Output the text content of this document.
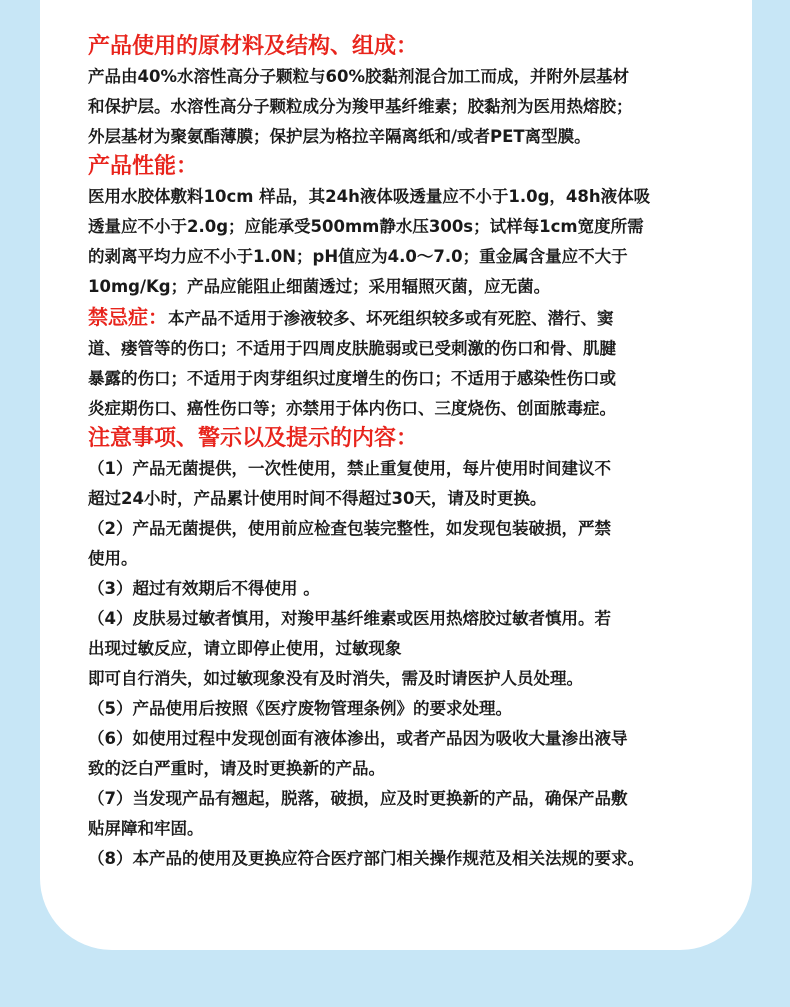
产品使用的原材料及结构、组成：

产品由40%水溶性高分子颗粒与60%胶黏剂混合加工而成，并附外层基材

和保护层。水溶性高分子颗粒成分为羧甲基纤维素；胶黏剂为医用热熔胶；

外层基材为聚氨酯薄膜；保护层为格拉辛隔离纸和/或者PET离型膜。

产品性能：

医用水胶体敷料10cm 样品，其24h液体吸透量应不小于1.0g，48h液体吸

透量应不小于2.0g；应能承受500mm静水压300s；试样每1cm宽度所需

的剥离平均力应不小于1.0N；pH值应为4.0～7.0；重金属含量应不大于

10mg/Kg；产品应能阻止细菌透过；采用辐照灭菌，应无菌。

禁忌症：本产品不适用于渗液较多、坏死组织较多或有死腔、潜行、窦

道、瘘管等的伤口；不适用于四周皮肤脆弱或已受刺激的伤口和骨、肌腱

暴露的伤口；不适用于肉芽组织过度增生的伤口；不适用于感染性伤口或

炎症期伤口、癌性伤口等；亦禁用于体内伤口、三度烧伤、创面脓毒症。

注意事项、警示以及提示的内容：

（1）产品无菌提供，一次性使用，禁止重复使用，每片使用时间建议不
超过24小时，产品累计使用时间不得超过30天，请及时更换。

（2）产品无菌提供，使用前应检查包装完整性，如发现包装破损，严禁
使用。

（3）超过有效期后不得使用 。

（4）皮肤易过敏者慎用，对羧甲基纤维素或医用热熔胶过敏者慎用。若
出现过敏反应，请立即停止使用，过敏现象
即可自行消失，如过敏现象没有及时消失，需及时请医护人员处理。

（5）产品使用后按照《医疗废物管理条例》的要求处理。

（6）如使用过程中发现创面有液体渗出，或者产品因为吸收大量渗出液导
致的泛白严重时，请及时更换新的产品。

（7）当发现产品有翘起，脱落，破损，应及时更换新的产品，确保产品敷
贴屏障和牢固。

（8）本产品的使用及更换应符合医疗部门相关操作规范及相关法规的要求。
